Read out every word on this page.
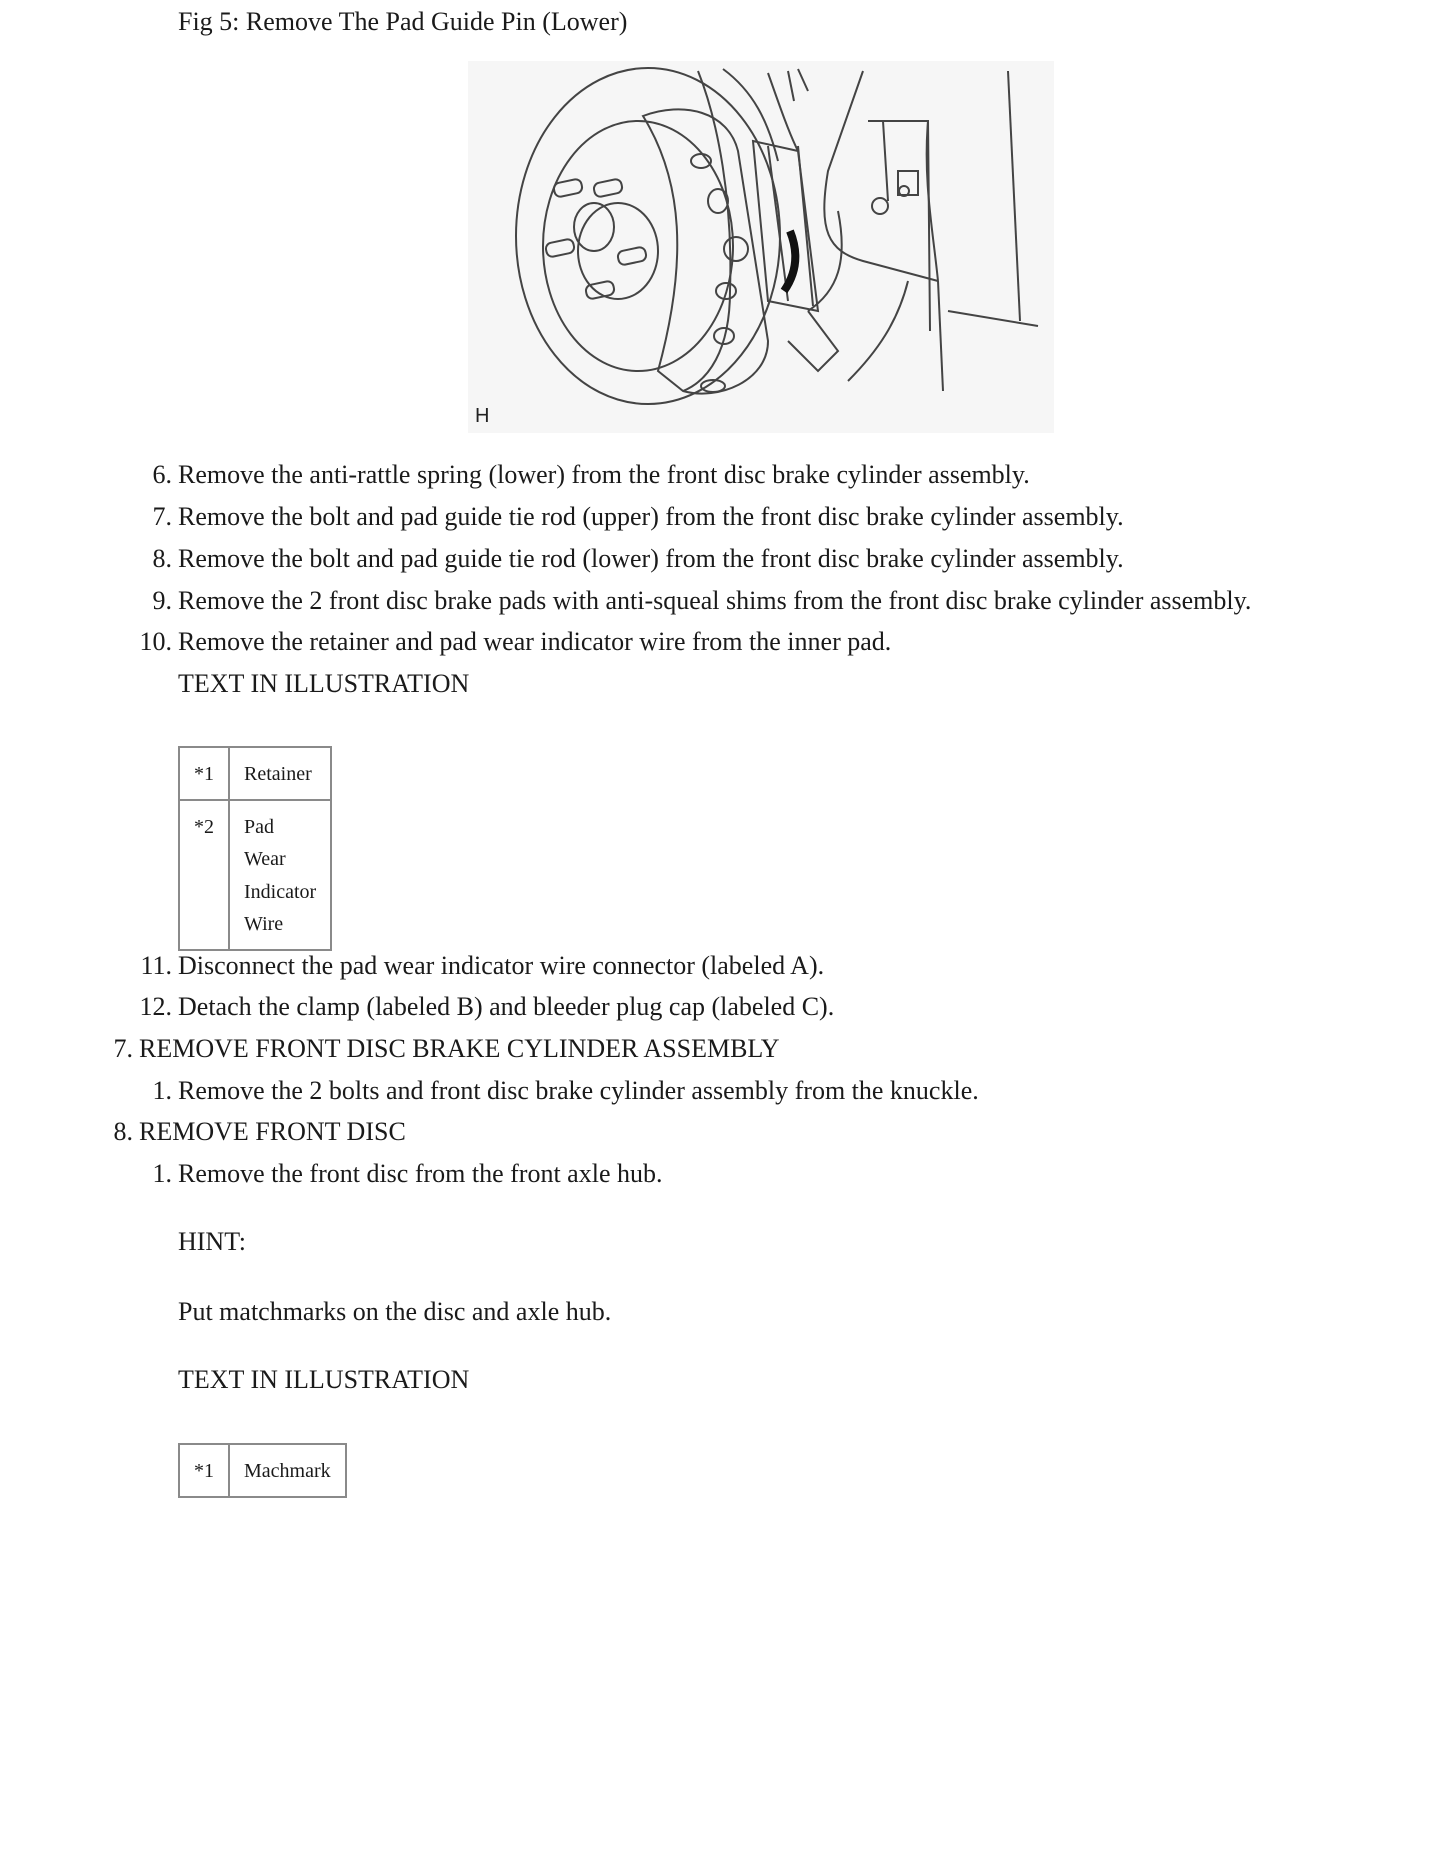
Fig 5: Remove The Pad Guide Pin (Lower)
H
6. Remove the anti-rattle spring (lower) from the front disc brake cylinder assembly.
7. Remove the bolt and pad guide tie rod (upper) from the front disc brake cylinder assembly.
8. Remove the bolt and pad guide tie rod (lower) from the front disc brake cylinder assembly.
9. Remove the 2 front disc brake pads with anti-squeal shims from the front disc brake cylinder assembly.
10. Remove the retainer and pad wear indicator wire from the inner pad.
TEXT IN ILLUSTRATION
*1	Retainer
*2	Pad
Wear
Indicator
Wire
11. Disconnect the pad wear indicator wire connector (labeled A).
12. Detach the clamp (labeled B) and bleeder plug cap (labeled C).
7. REMOVE FRONT DISC BRAKE CYLINDER ASSEMBLY
1. Remove the 2 bolts and front disc brake cylinder assembly from the knuckle.
8. REMOVE FRONT DISC
1. Remove the front disc from the front axle hub.
HINT:
Put matchmarks on the disc and axle hub.
TEXT IN ILLUSTRATION
*1	Machmark
